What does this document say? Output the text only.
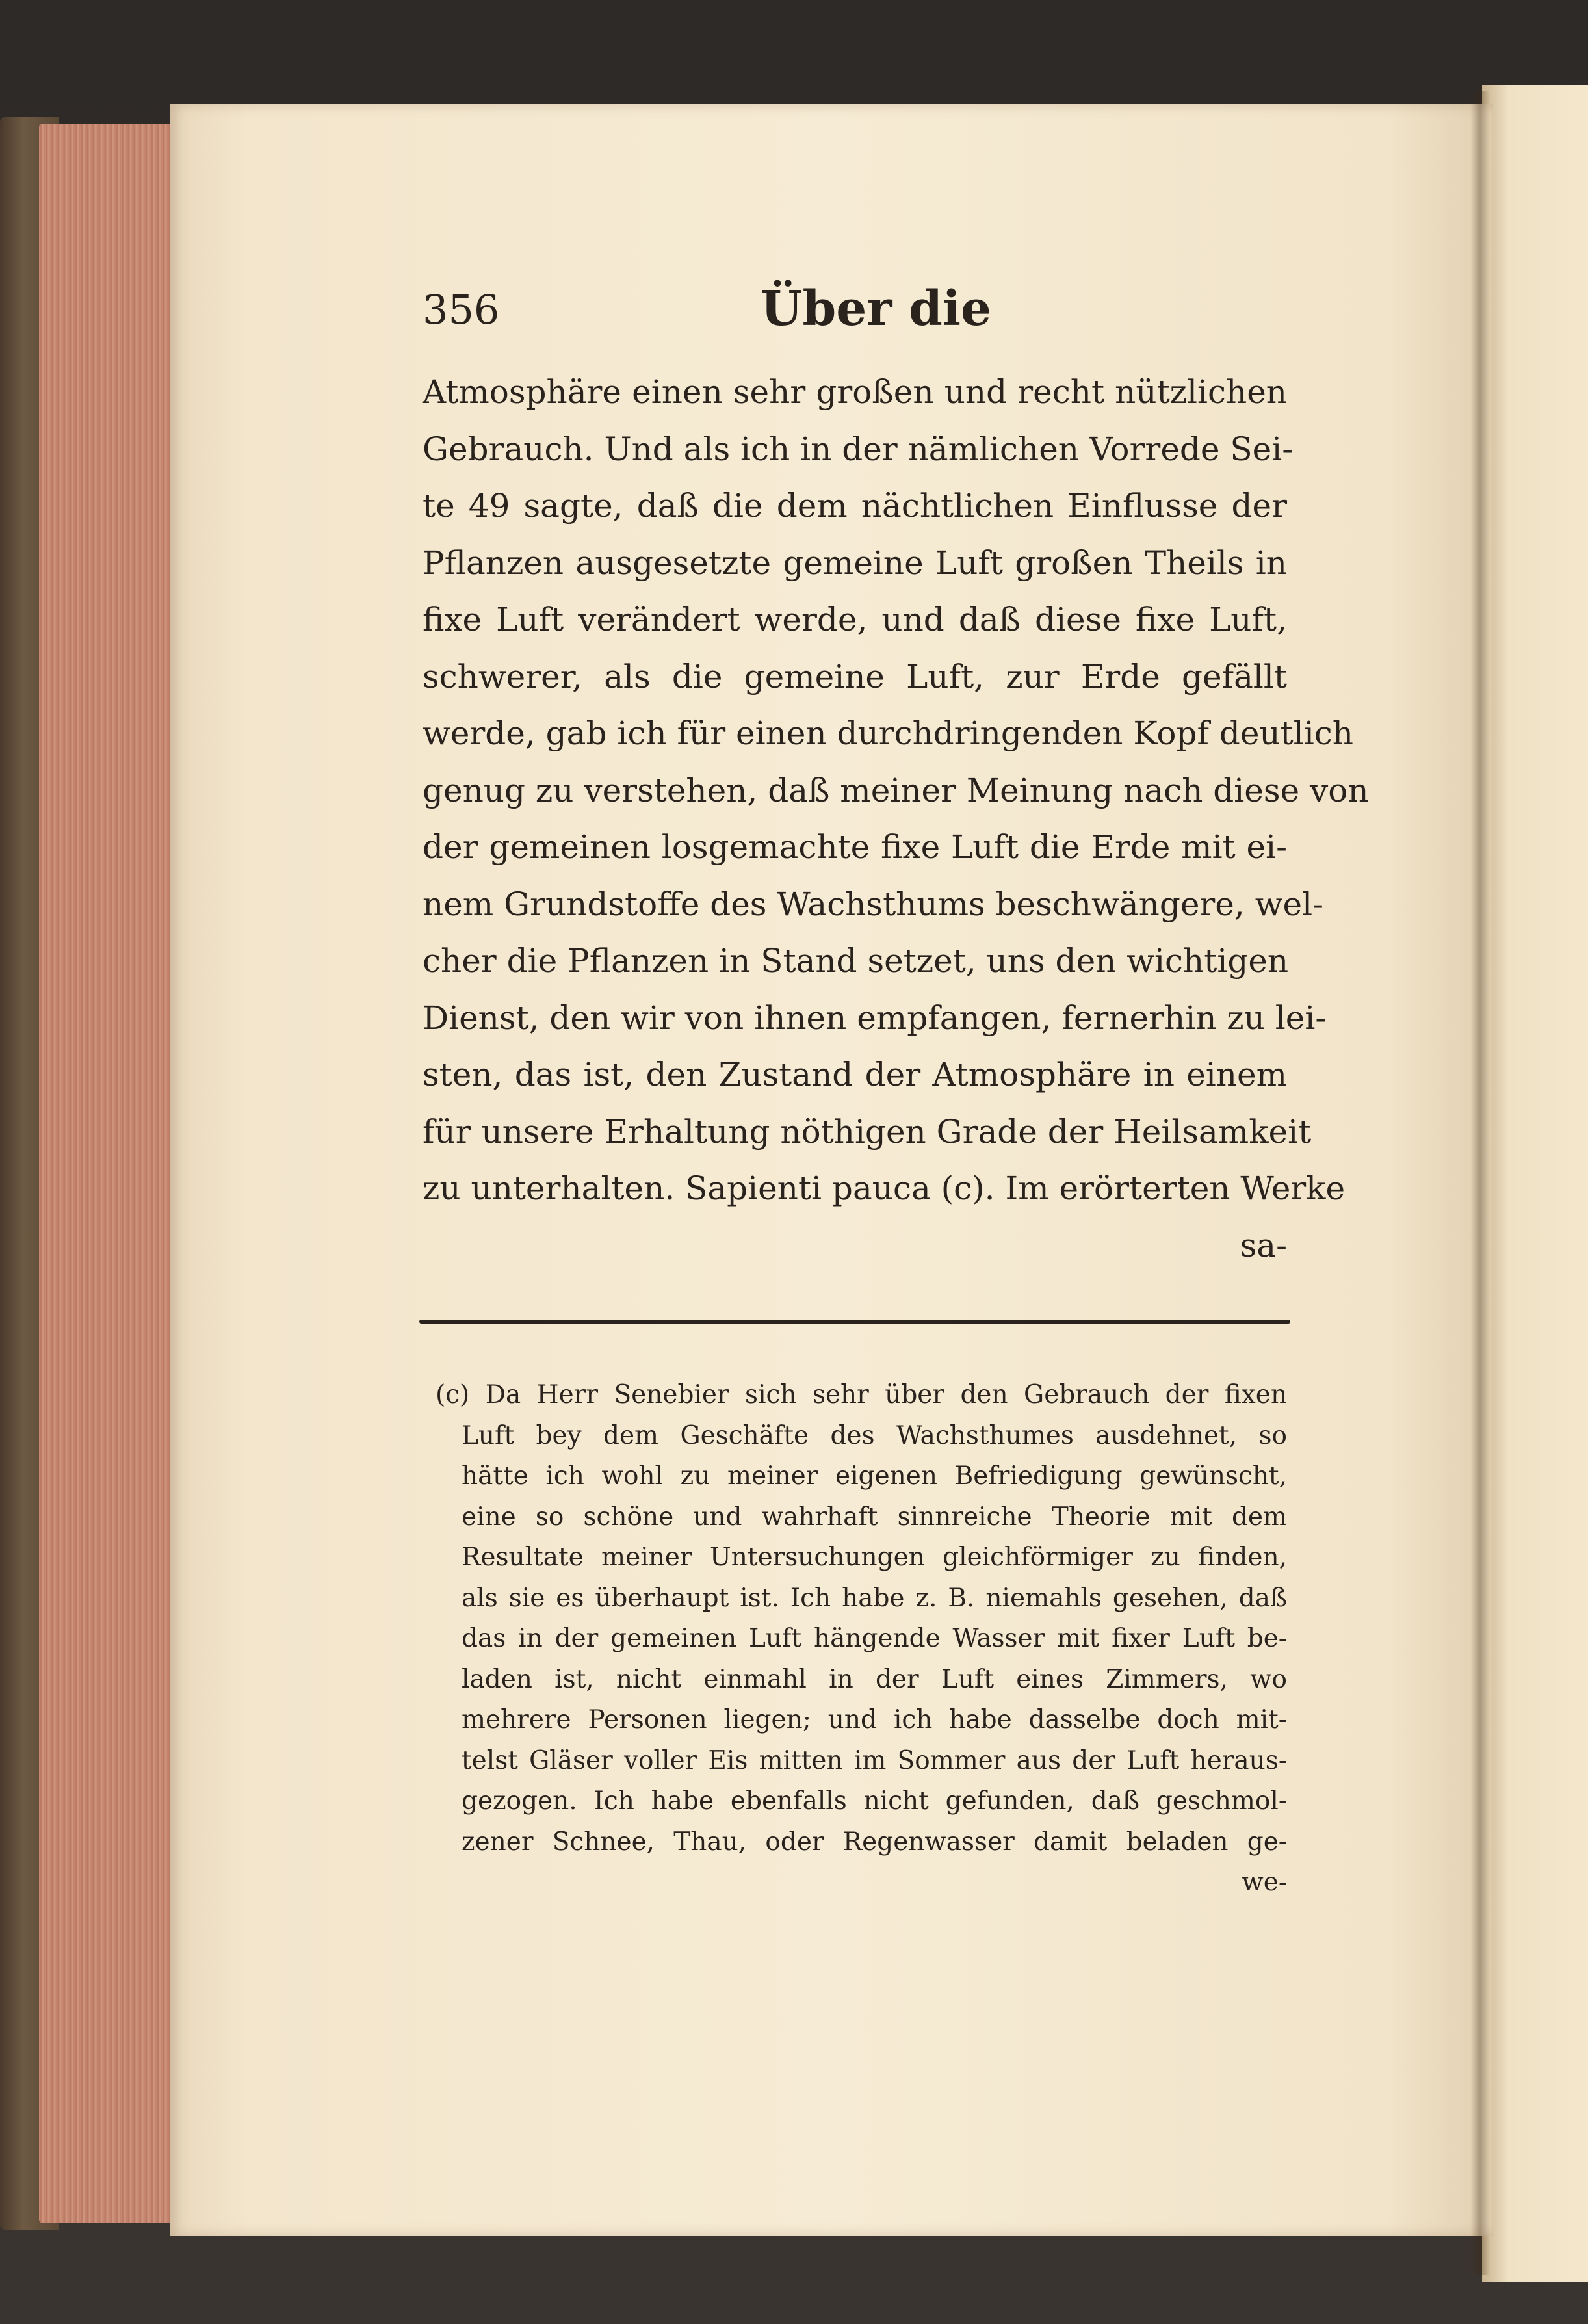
356	Über die
Atmosphäre einen sehr großen und recht nützlichen
Gebrauch. Und als ich in der nämlichen Vorrede Sei-
te 49 sagte, daß die dem nächtlichen Einflusse der
Pflanzen ausgesetzte gemeine Luft großen Theils in
fixe Luft verändert werde, und daß diese fixe Luft,
schwerer, als die gemeine Luft, zur Erde gefällt
werde, gab ich für einen durchdringenden Kopf deutlich
genug zu verstehen, daß meiner Meinung nach diese von
der gemeinen losgemachte fixe Luft die Erde mit ei-
nem Grundstoffe des Wachsthums beschwängere, wel-
cher die Pflanzen in Stand setzet, uns den wichtigen
Dienst, den wir von ihnen empfangen, fernerhin zu lei-
sten, das ist, den Zustand der Atmosphäre in einem
für unsere Erhaltung nöthigen Grade der Heilsamkeit
zu unterhalten. Sapienti pauca (c). Im erörterten Werke
sa-
(c) Da Herr Senebier sich sehr über den Gebrauch der fixen
Luft bey dem Geschäfte des Wachsthumes ausdehnet, so
hätte ich wohl zu meiner eigenen Befriedigung gewünscht,
eine so schöne und wahrhaft sinnreiche Theorie mit dem
Resultate meiner Untersuchungen gleichförmiger zu finden,
als sie es überhaupt ist. Ich habe z. B. niemahls gesehen, daß
das in der gemeinen Luft hängende Wasser mit fixer Luft be-
laden ist, nicht einmahl in der Luft eines Zimmers, wo
mehrere Personen liegen; und ich habe dasselbe doch mit-
telst Gläser voller Eis mitten im Sommer aus der Luft heraus-
gezogen. Ich habe ebenfalls nicht gefunden, daß geschmol-
zener Schnee, Thau, oder Regenwasser damit beladen ge-
we-
